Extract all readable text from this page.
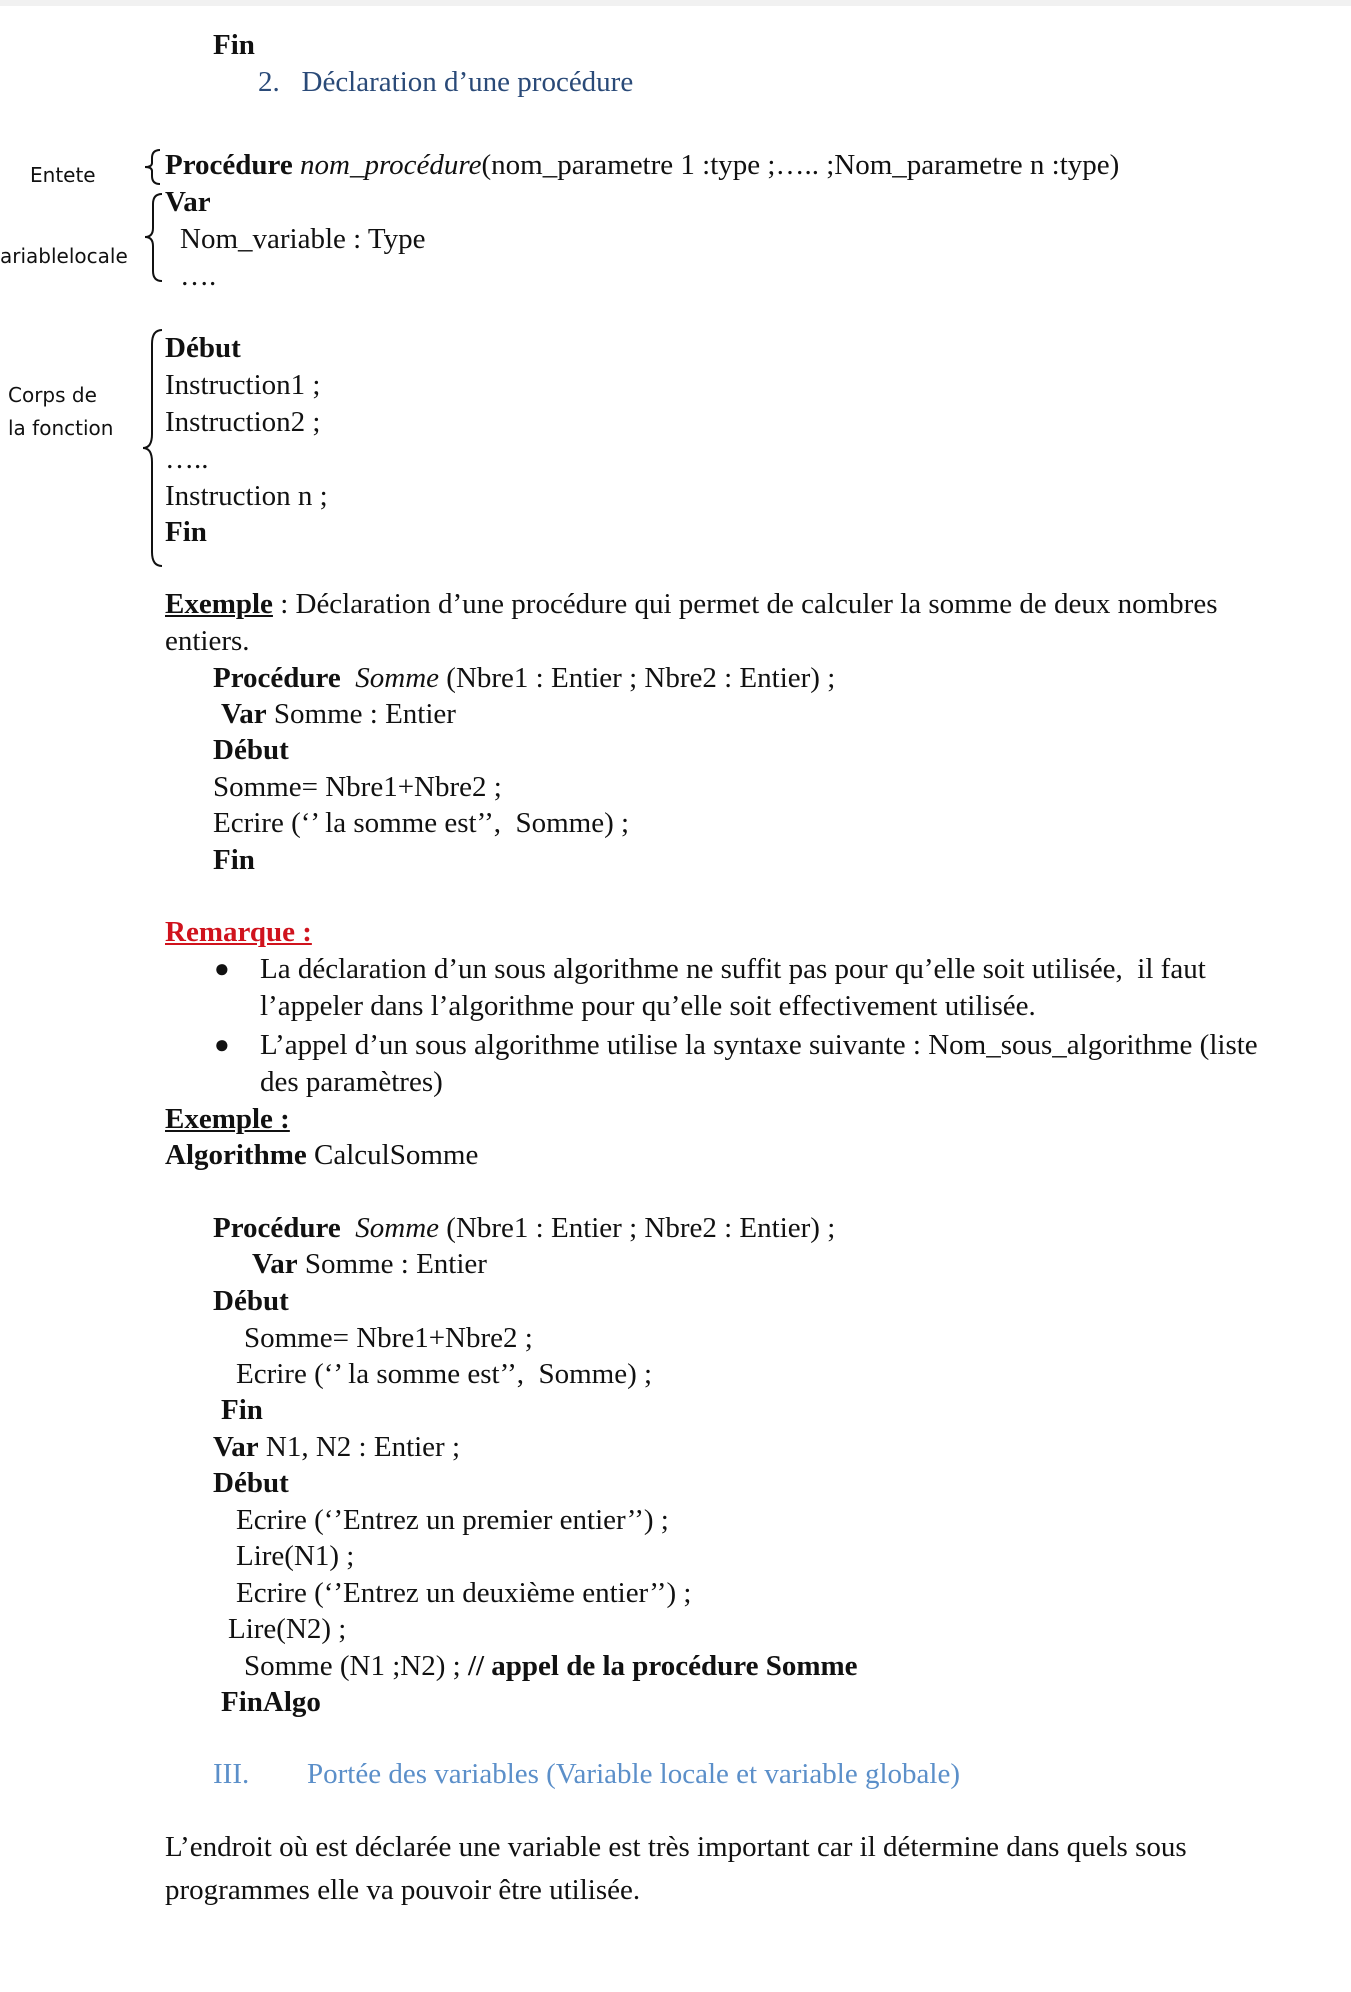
Fin
2. Déclaration d’une procédure
Entete
ariablelocale
Corps de
la fonction
Procédure nom_procédure(nom_parametre 1 :type ;….. ;Nom_parametre n :type)
Var
Nom_variable : Type
….
Début
Instruction1 ;
Instruction2 ;
…..
Instruction n ;
Fin
Exemple : Déclaration d’une procédure qui permet de calculer la somme de deux nombres
entiers.
Procédure Somme (Nbre1 : Entier ; Nbre2 : Entier) ;
Var Somme : Entier
Début
Somme= Nbre1+Nbre2 ;
Ecrire (‘’ la somme est’’,  Somme) ;
Fin
Remarque :
● La déclaration d’un sous algorithme ne suffit pas pour qu’elle soit utilisée,  il faut
l’appeler dans l’algorithme pour qu’elle soit effectivement utilisée.
● L’appel d’un sous algorithme utilise la syntaxe suivante : Nom_sous_algorithme (liste
des paramètres)
Exemple :
Algorithme CalculSomme
Procédure Somme (Nbre1 : Entier ; Nbre2 : Entier) ;
Var Somme : Entier
Début
Somme= Nbre1+Nbre2 ;
Ecrire (‘’ la somme est’’,  Somme) ;
Fin
Var N1, N2 : Entier ;
Début
Ecrire (‘’Entrez un premier entier’’) ;
Lire(N1) ;
Ecrire (‘’Entrez un deuxième entier’’) ;
Lire(N2) ;
Somme (N1 ;N2) ; // appel de la procédure Somme
FinAlgo
III. Portée des variables (Variable locale et variable globale)
L’endroit où est déclarée une variable est très important car il détermine dans quels sous
programmes elle va pouvoir être utilisée.
